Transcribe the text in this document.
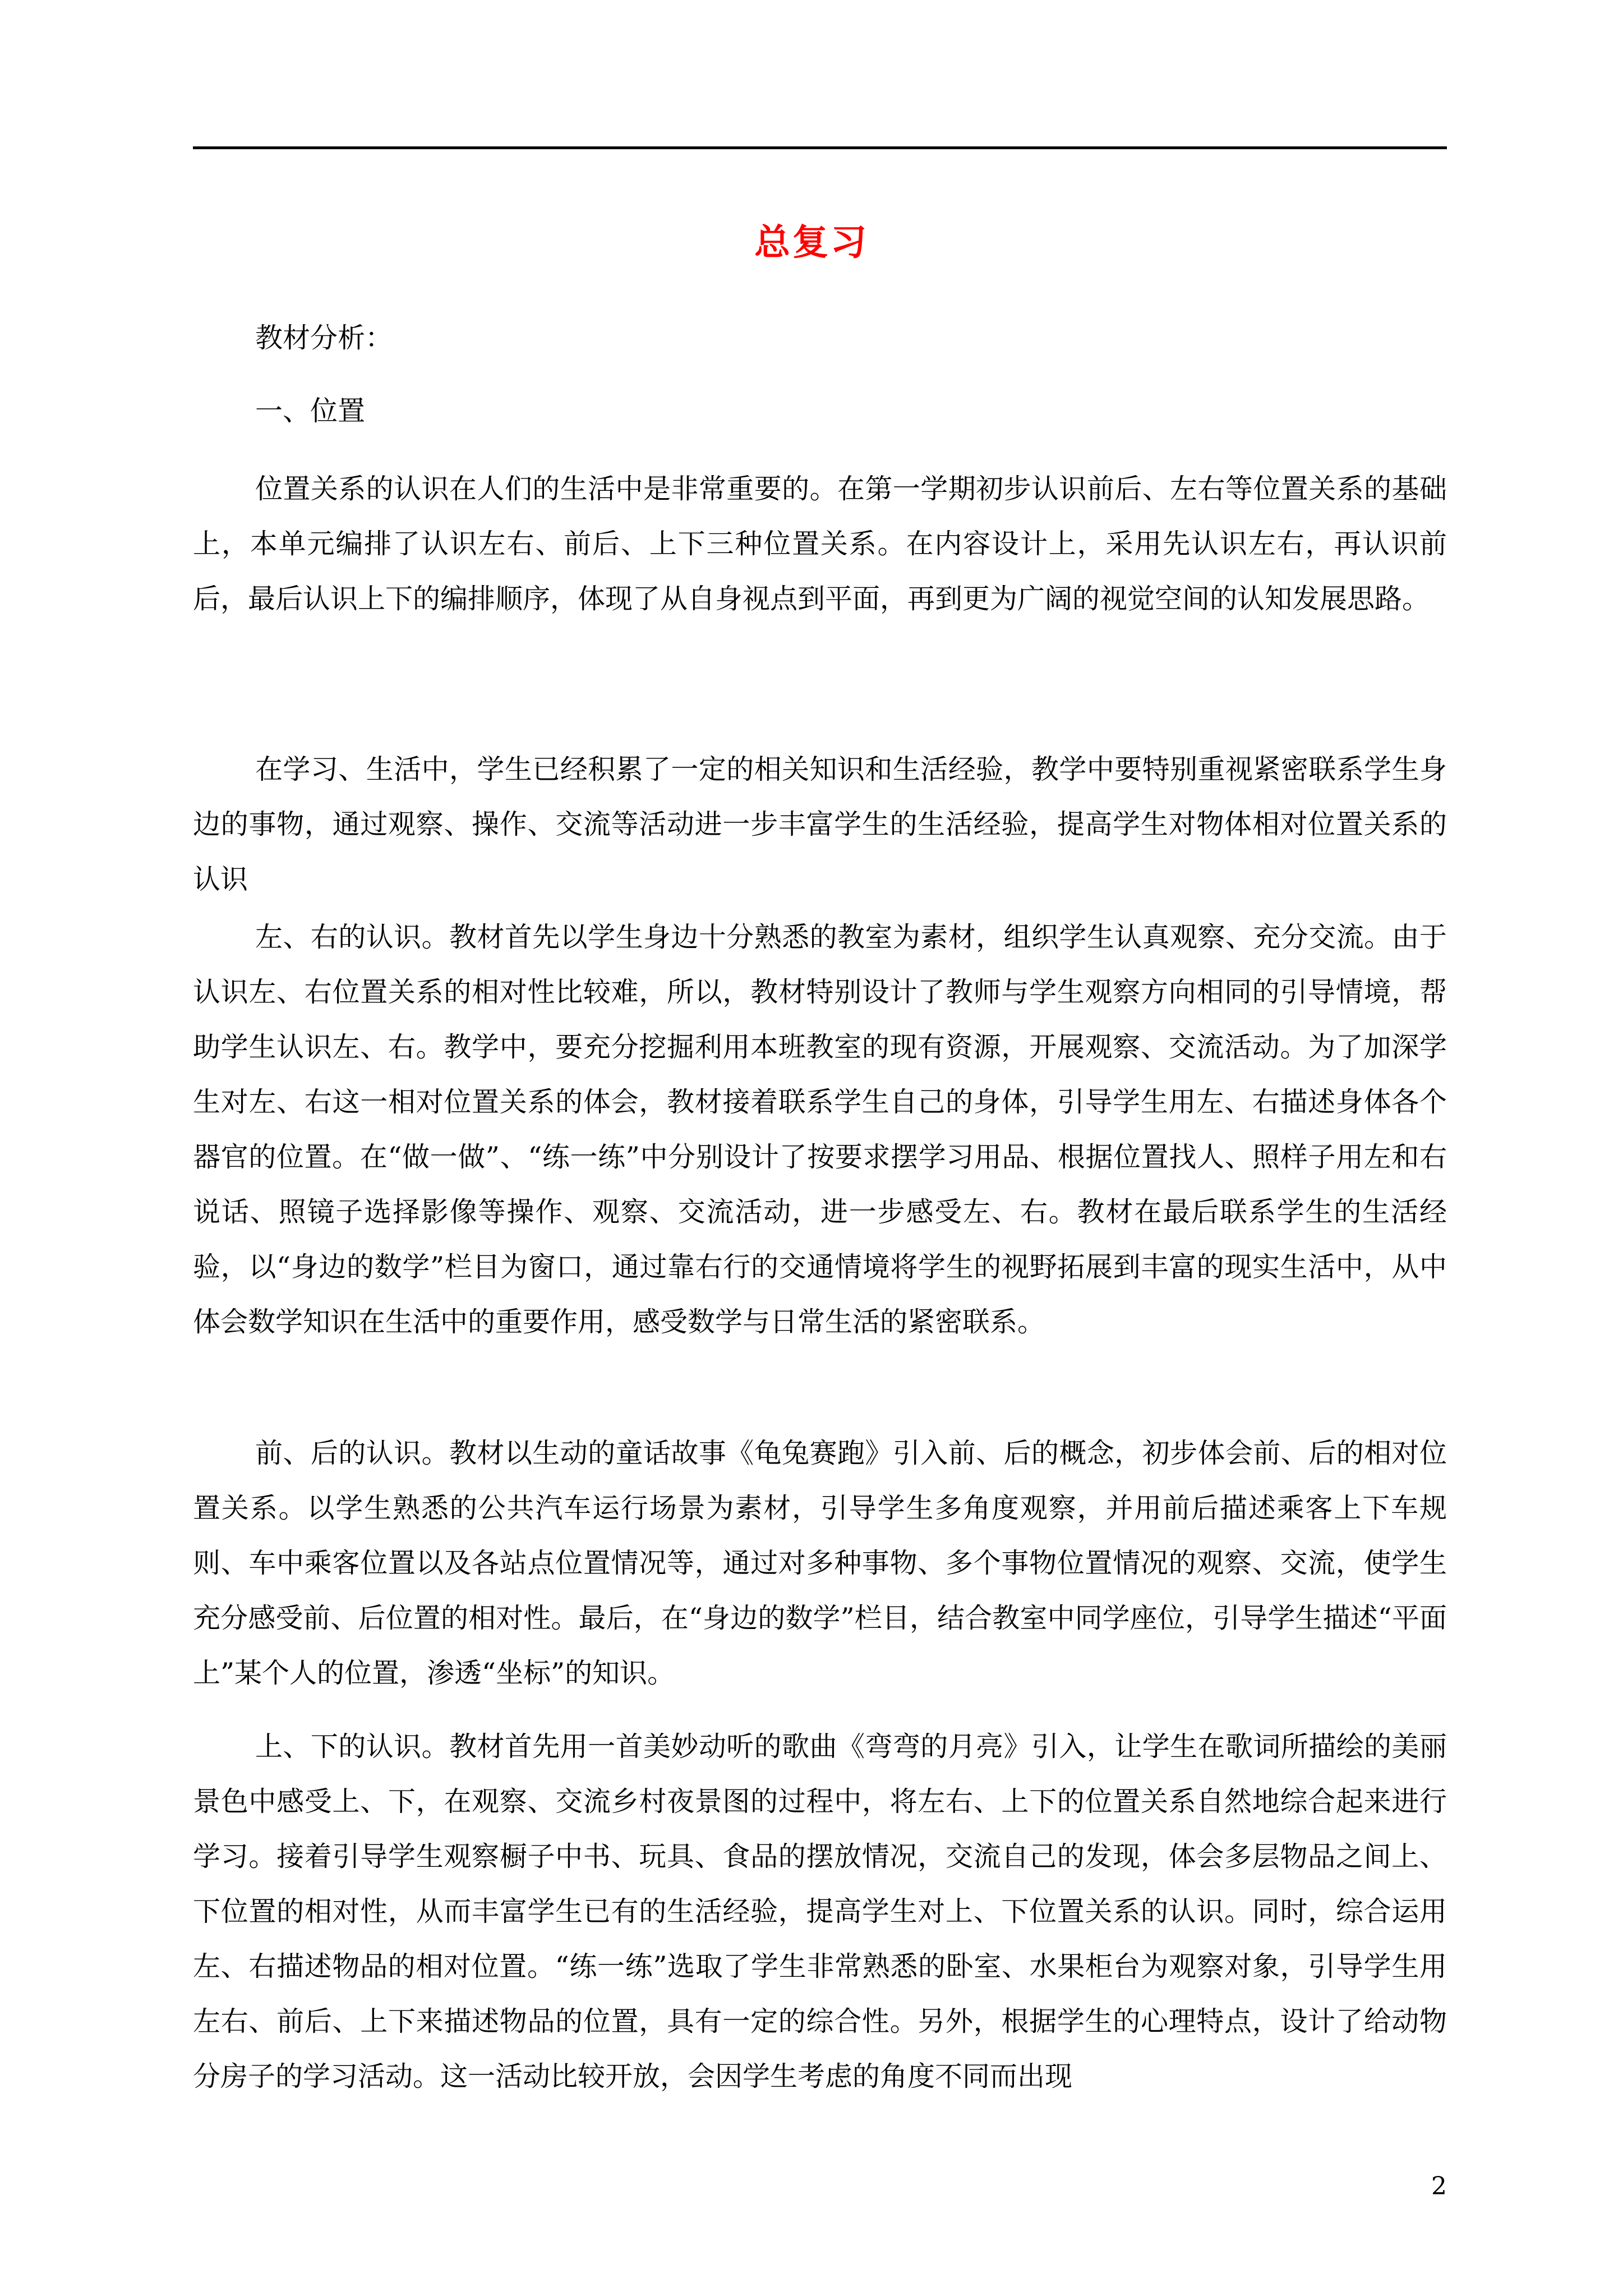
总复习
教材分析：
一、位置

位置关系的认识在人们的生活中是非常重要的。在第一学期初步认识前后、左右等位置关系的基础上，本单元编排了认识左右、前后、上下三种位置关系。在内容设计上，采用先认识左右，再认识前后，最后认识上下的编排顺序，体现了从自身视点到平面，再到更为广阔的视觉空间的认知发展思路。

在学习、生活中，学生已经积累了一定的相关知识和生活经验，教学中要特别重视紧密联系学生身边的事物，通过观察、操作、交流等活动进一步丰富学生的生活经验，提高学生对物体相对位置关系的认识

左、右的认识。教材首先以学生身边十分熟悉的教室为素材，组织学生认真观察、充分交流。由于认识左、右位置关系的相对性比较难，所以，教材特别设计了教师与学生观察方向相同的引导情境，帮助学生认识左、右。教学中，要充分挖掘利用本班教室的现有资源，开展观察、交流活动。为了加深学生对左、右这一相对位置关系的体会，教材接着联系学生自己的身体，引导学生用左、右描述身体各个器官的位置。在“做一做”、“练一练”中分别设计了按要求摆学习用品、根据位置找人、照样子用左和右说话、照镜子选择影像等操作、观察、交流活动，进一步感受左、右。教材在最后联系学生的生活经验，以“身边的数学”栏目为窗口，通过靠右行的交通情境将学生的视野拓展到丰富的现实生活中，从中体会数学知识在生活中的重要作用，感受数学与日常生活的紧密联系。

前、后的认识。教材以生动的童话故事《龟兔赛跑》引入前、后的概念，初步体会前、后的相对位置关系。以学生熟悉的公共汽车运行场景为素材，引导学生多角度观察，并用前后描述乘客上下车规则、车中乘客位置以及各站点位置情况等，通过对多种事物、多个事物位置情况的观察、交流，使学生充分感受前、后位置的相对性。最后，在“身边的数学”栏目，结合教室中同学座位，引导学生描述“平面上”某个人的位置，渗透“坐标”的知识。

上、下的认识。教材首先用一首美妙动听的歌曲《弯弯的月亮》引入，让学生在歌词所描绘的美丽景色中感受上、下，在观察、交流乡村夜景图的过程中，将左右、上下的位置关系自然地综合起来进行学习。接着引导学生观察橱子中书、玩具、食品的摆放情况，交流自己的发现，体会多层物品之间上、下位置的相对性，从而丰富学生已有的生活经验，提高学生对上、下位置关系的认识。同时，综合运用左、右描述物品的相对位置。“练一练”选取了学生非常熟悉的卧室、水果柜台为观察对象，引导学生用左右、前后、上下来描述物品的位置，具有一定的综合性。另外，根据学生的心理特点，设计了给动物分房子的学习活动。这一活动比较开放，会因学生考虑的角度不同而出现

2
